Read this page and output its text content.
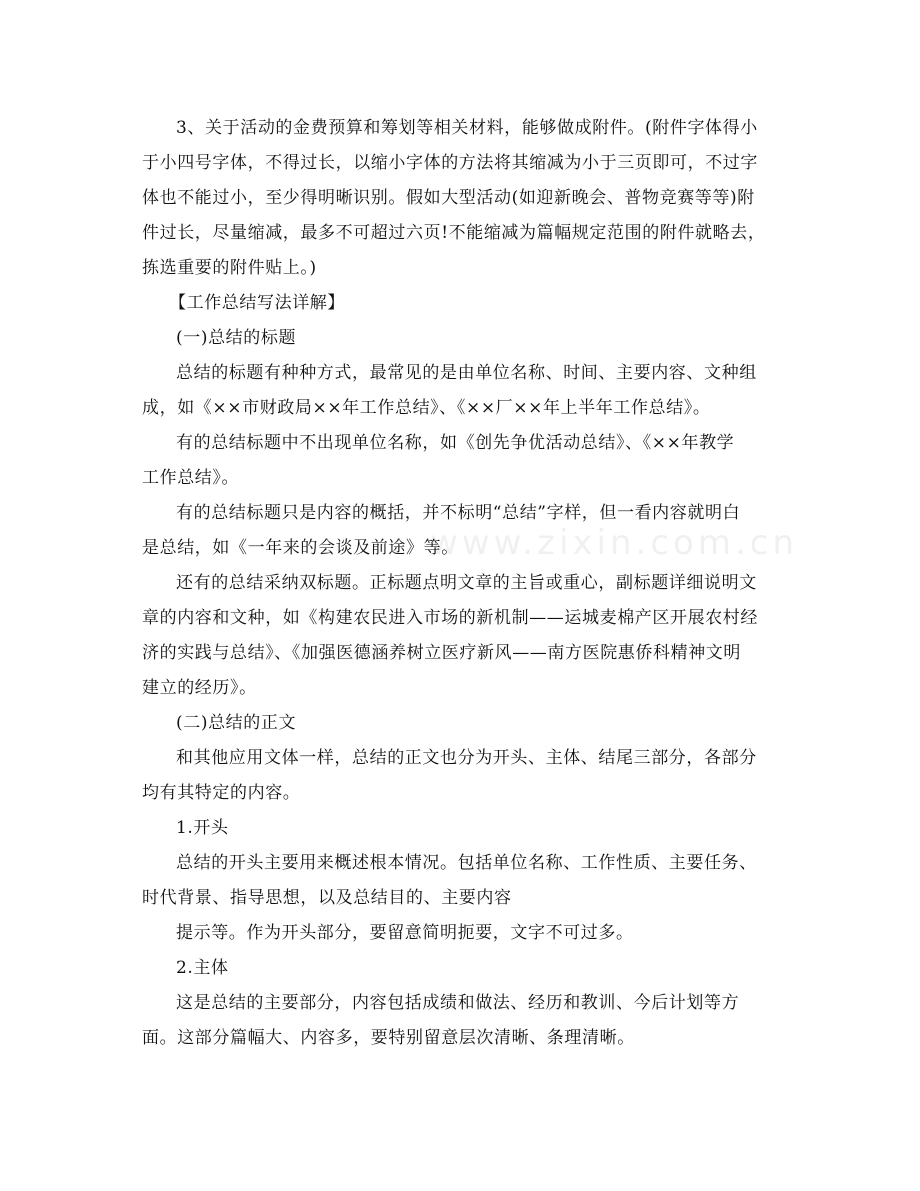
www.zixin.com.cn
3、关于活动的金费预算和筹划等相关材料，能够做成附件。(附件字体得小
于小四号字体，不得过长，以缩小字体的方法将其缩减为小于三页即可，不过字
体也不能过小，至少得明晰识别。假如大型活动(如迎新晚会、普物竞赛等等)附
件过长，尽量缩减，最多不可超过六页!不能缩减为篇幅规定范围的附件就略去，
拣选重要的附件贴上。)
【工作总结写法详解】
(一)总结的标题
总结的标题有种种方式，最常见的是由单位名称、时间、主要内容、文种组
成，如《××市财政局××年工作总结》、《××厂××年上半年工作总结》。
有的总结标题中不出现单位名称，如《创先争优活动总结》、《××年教学
工作总结》。
有的总结标题只是内容的概括，并不标明“总结”字样，但一看内容就明白
是总结，如《一年来的会谈及前途》等。
还有的总结采纳双标题。正标题点明文章的主旨或重心，副标题详细说明文
章的内容和文种，如《构建农民进入市场的新机制——运城麦棉产区开展农村经
济的实践与总结》、《加强医德涵养树立医疗新风——南方医院惠侨科精神文明
建立的经历》。
(二)总结的正文
和其他应用文体一样，总结的正文也分为开头、主体、结尾三部分，各部分
均有其特定的内容。
1.开头
总结的开头主要用来概述根本情况。包括单位名称、工作性质、主要任务、
时代背景、指导思想，以及总结目的、主要内容
提示等。作为开头部分，要留意简明扼要，文字不可过多。
2.主体
这是总结的主要部分，内容包括成绩和做法、经历和教训、今后计划等方
面。这部分篇幅大、内容多，要特别留意层次清晰、条理清晰。
